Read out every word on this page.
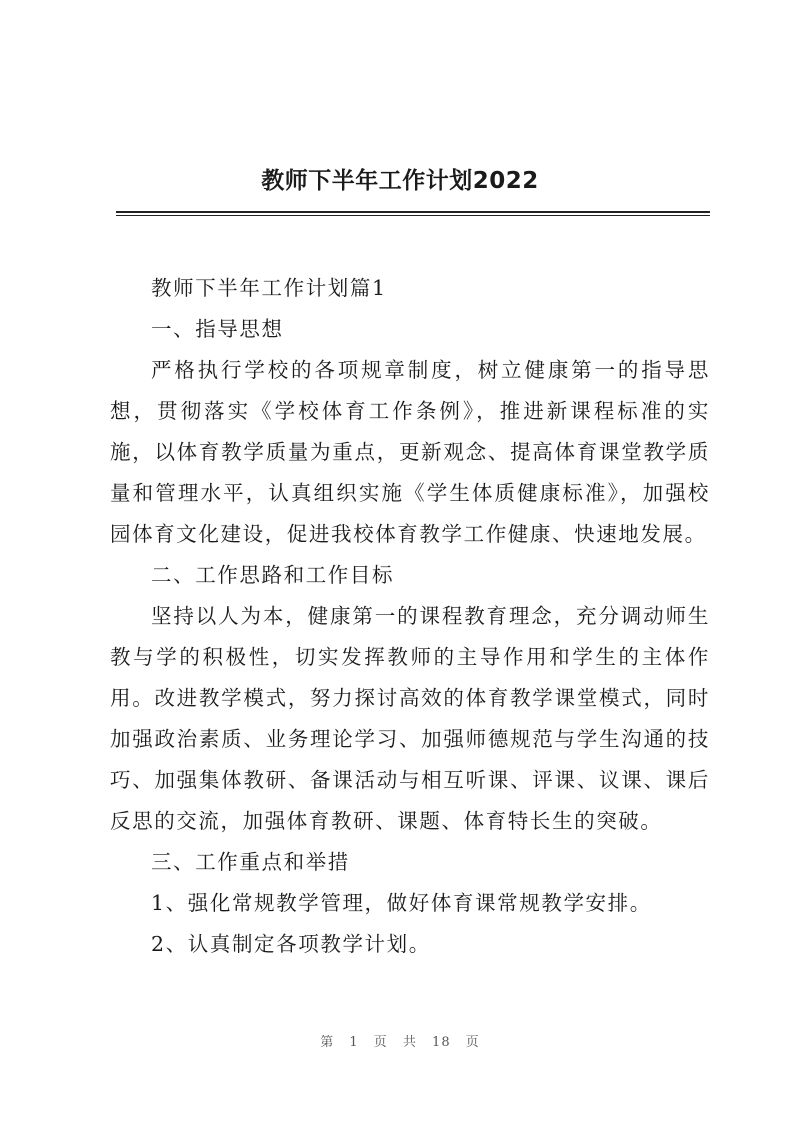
教师下半年工作计划2022

教师下半年工作计划篇1

一、指导思想

严格执行学校的各项规章制度，树立健康第一的指导思想，贯彻落实《学校体育工作条例》，推进新课程标准的实施，以体育教学质量为重点，更新观念、提高体育课堂教学质量和管理水平，认真组织实施《学生体质健康标准》，加强校园体育文化建设，促进我校体育教学工作健康、快速地发展。

二、工作思路和工作目标

坚持以人为本，健康第一的课程教育理念，充分调动师生教与学的积极性，切实发挥教师的主导作用和学生的主体作用。改进教学模式，努力探讨高效的体育教学课堂模式，同时加强政治素质、业务理论学习、加强师德规范与学生沟通的技巧、加强集体教研、备课活动与相互听课、评课、议课、课后反思的交流，加强体育教研、课题、体育特长生的突破。

三、工作重点和举措

1、强化常规教学管理，做好体育课常规教学安排。

2、认真制定各项教学计划。

第 1 页 共 18 页
